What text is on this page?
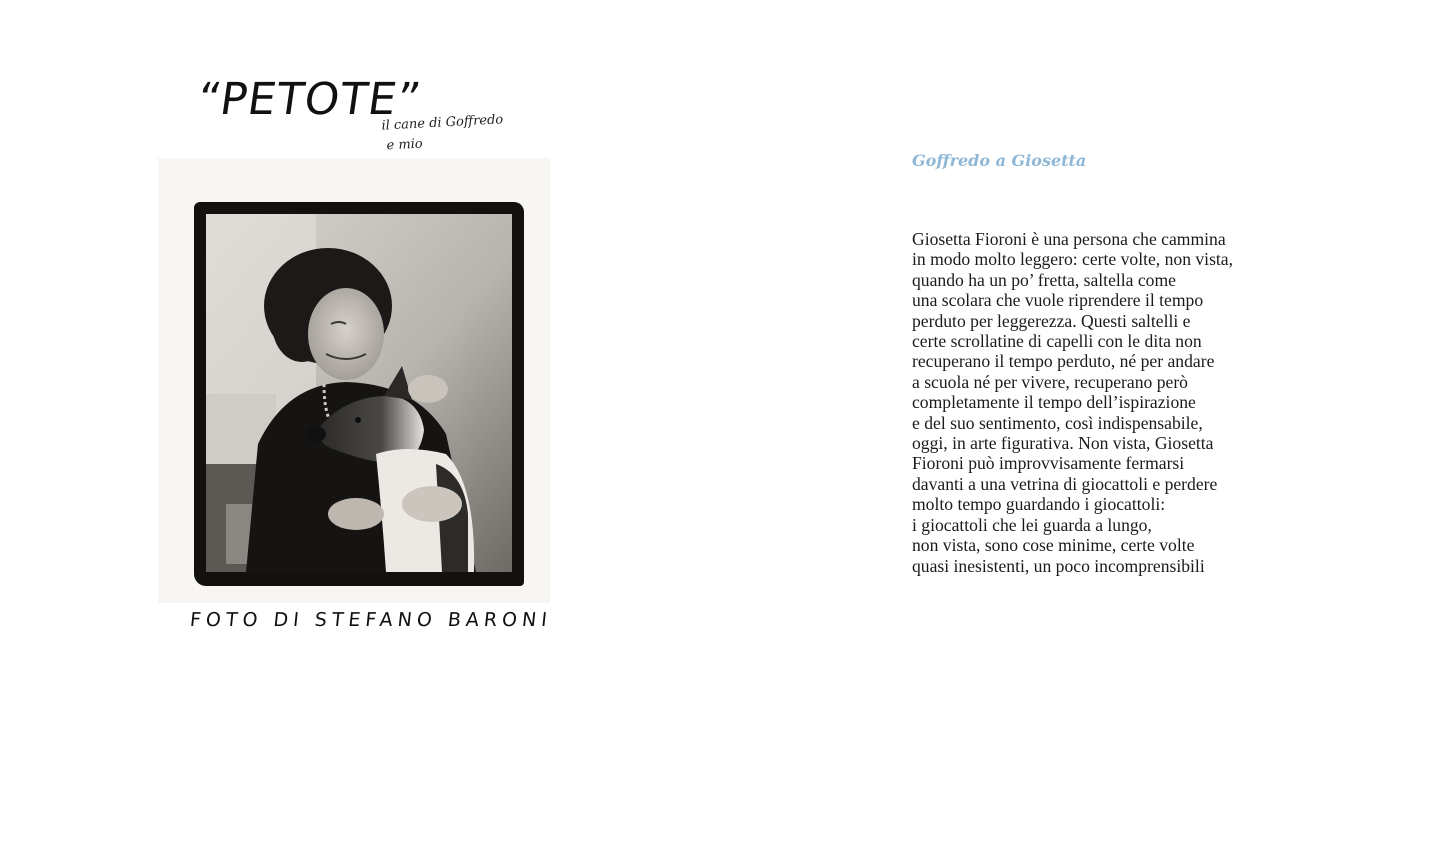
“PETOTE”
il cane di Goffredo
e mio
FOTO DI STEFANO BARONI
Goffredo a Giosetta
Giosetta Fioroni è una persona che cammina
in modo molto leggero: certe volte, non vista,
quando ha un po’ fretta, saltella come
una scolara che vuole riprendere il tempo
perduto per leggerezza. Questi saltelli e
certe scrollatine di capelli con le dita non
recuperano il tempo perduto, né per andare
a scuola né per vivere, recuperano però
completamente il tempo dell’ispirazione
e del suo sentimento, così indispensabile,
oggi, in arte figurativa. Non vista, Giosetta
Fioroni può improvvisamente fermarsi
davanti a una vetrina di giocattoli e perdere
molto tempo guardando i giocattoli:
i giocattoli che lei guarda a lungo,
non vista, sono cose minime, certe volte
quasi inesistenti, un poco incomprensibili
